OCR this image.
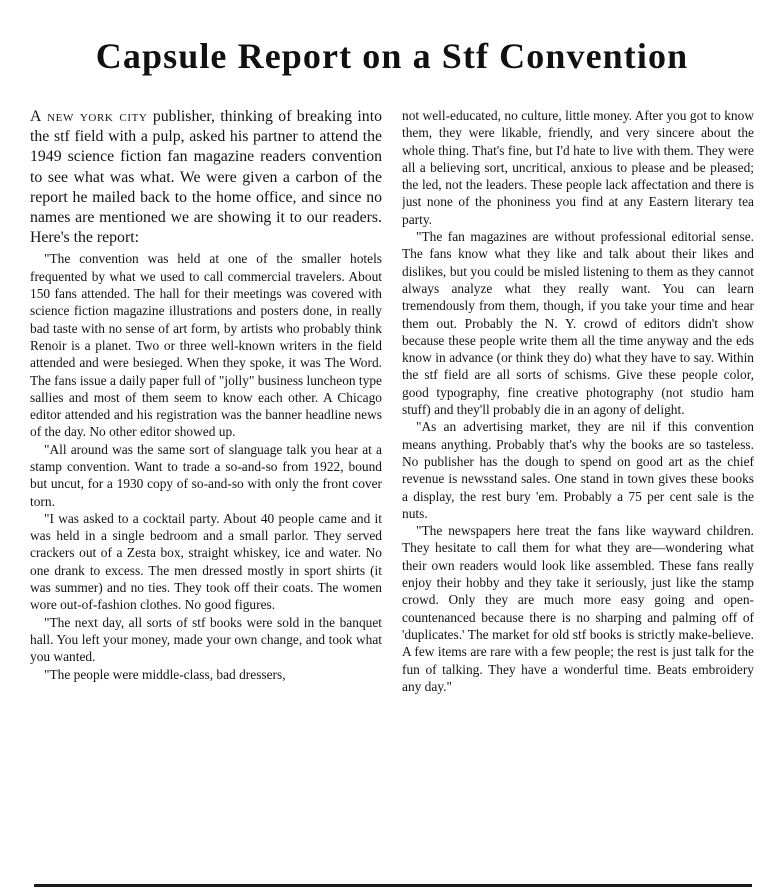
Capsule Report on a Stf Convention

A new york city publisher, thinking of breaking into the stf field with a pulp, asked his partner to attend the 1949 science fiction fan magazine readers convention to see what was what. We were given a carbon of the report he mailed back to the home office, and since no names are mentioned we are showing it to our readers. Here's the report:

"The convention was held at one of the smaller hotels frequented by what we used to call commercial travelers. About 150 fans attended. The hall for their meetings was covered with science fiction magazine illustrations and posters done, in really bad taste with no sense of art form, by artists who probably think Renoir is a planet. Two or three well-known writers in the field attended and were besieged. When they spoke, it was The Word. The fans issue a daily paper full of "jolly" business luncheon type sallies and most of them seem to know each other. A Chicago editor attended and his registration was the banner headline news of the day. No other editor showed up.

"All around was the same sort of slanguage talk you hear at a stamp convention. Want to trade a so-and-so from 1922, bound but uncut, for a 1930 copy of so-and-so with only the front cover torn.

"I was asked to a cocktail party. About 40 people came and it was held in a single bedroom and a small parlor. They served crackers out of a Zesta box, straight whiskey, ice and water. No one drank to excess. The men dressed mostly in sport shirts (it was summer) and no ties. They took off their coats. The women wore out-of-fashion clothes. No good figures.

"The next day, all sorts of stf books were sold in the banquet hall. You left your money, made your own change, and took what you wanted.

"The people were middle-class, bad dressers,

not well-educated, no culture, little money. After you got to know them, they were likable, friendly, and very sincere about the whole thing. That's fine, but I'd hate to live with them. They were all a believing sort, uncritical, anxious to please and be pleased; the led, not the leaders. These people lack affectation and there is just none of the phoniness you find at any Eastern literary tea party.

"The fan magazines are without professional editorial sense. The fans know what they like and talk about their likes and dislikes, but you could be misled listening to them as they cannot always analyze what they really want. You can learn tremendously from them, though, if you take your time and hear them out. Probably the N. Y. crowd of editors didn't show because these people write them all the time anyway and the eds know in advance (or think they do) what they have to say. Within the stf field are all sorts of schisms. Give these people color, good typography, fine creative photography (not studio ham stuff) and they'll probably die in an agony of delight.

"As an advertising market, they are nil if this convention means anything. Probably that's why the books are so tasteless. No publisher has the dough to spend on good art as the chief revenue is newsstand sales. One stand in town gives these books a display, the rest bury 'em. Probably a 75 per cent sale is the nuts.

"The newspapers here treat the fans like wayward children. They hesitate to call them for what they are—wondering what their own readers would look like assembled. These fans really enjoy their hobby and they take it seriously, just like the stamp crowd. Only they are much more easy going and open-countenanced because there is no sharping and palming off of 'duplicates.' The market for old stf books is strictly make-believe. A few items are rare with a few people; the rest is just talk for the fun of talking. They have a wonderful time. Beats embroidery any day."
